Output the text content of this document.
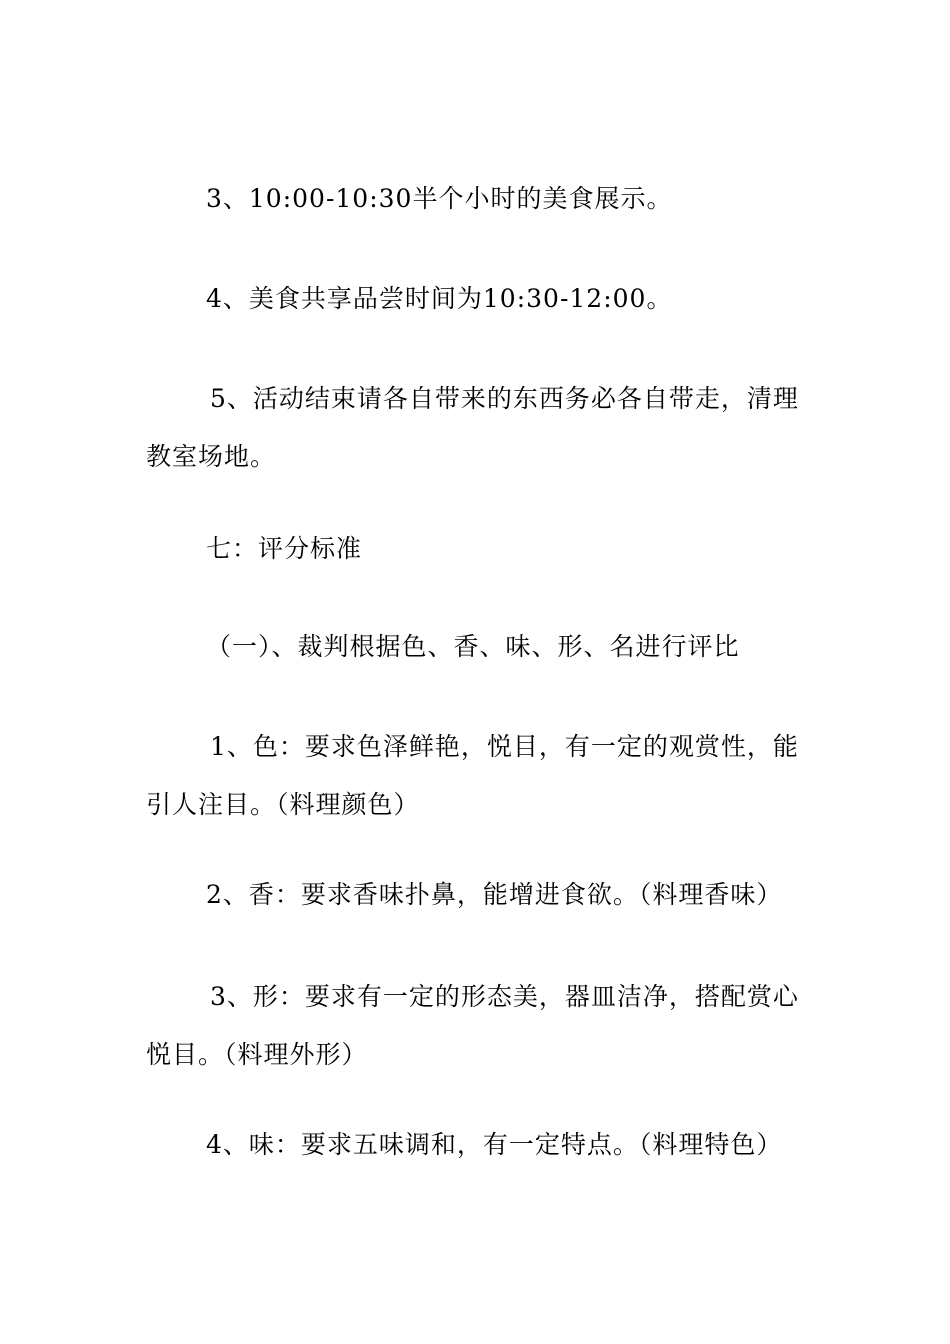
3、10:00-10:30半个小时的美食展示。
4、美食共享品尝时间为10:30-12:00。
5、活动结束请各自带来的东西务必各自带走，清理
教室场地。
七：评分标准
（一）、裁判根据色、香、味、形、名进行评比
1、色：要求色泽鲜艳，悦目，有一定的观赏性，能
引人注目。（料理颜色）
2、香：要求香味扑鼻，能增进食欲。（料理香味）
3、形：要求有一定的形态美，器皿洁净，搭配赏心
悦目。（料理外形）
4、味：要求五味调和，有一定特点。（料理特色）
